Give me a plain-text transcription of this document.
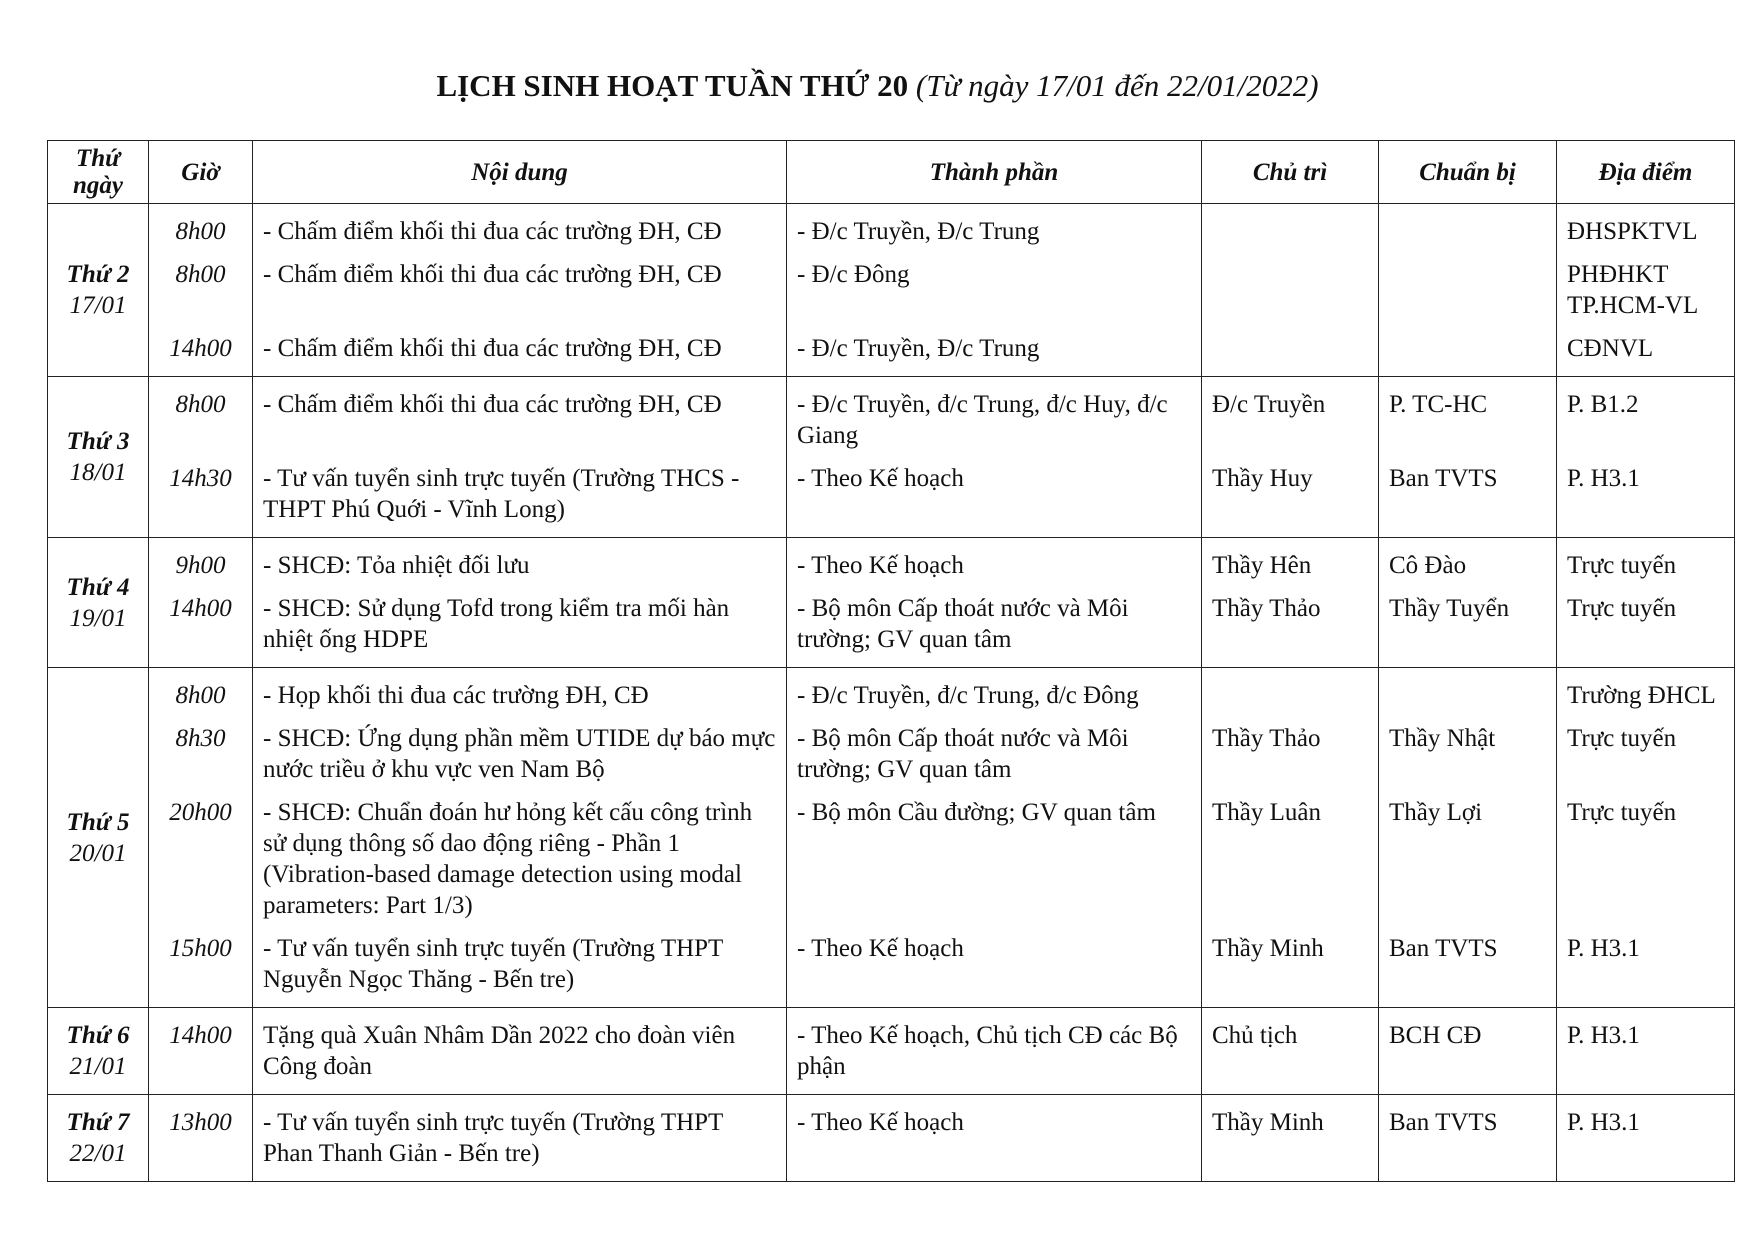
LỊCH SINH HOẠT TUẦN THỨ 20 (Từ ngày 17/01 đến 22/01/2022)
Thứ
ngày	Giờ	Nội dung	Thành phần	Chủ trì	Chuẩn bị	Địa điểm

Thứ 2
17/01	8h00	- Chấm điểm khối thi đua các trường ĐH, CĐ	- Đ/c Truyền, Đ/c Trung			ĐHSPKTVL

	8h00	- Chấm điểm khối thi đua các trường ĐH, CĐ	- Đ/c Đông			PHĐHKT TP.HCM-VL

	14h00	- Chấm điểm khối thi đua các trường ĐH, CĐ	- Đ/c Truyền, Đ/c Trung			CĐNVL

Thứ 3
18/01	8h00	- Chấm điểm khối thi đua các trường ĐH, CĐ	- Đ/c Truyền, đ/c Trung, đ/c Huy, đ/c Giang	Đ/c Truyền	P. TC-HC	P. B1.2

	14h30	- Tư vấn tuyển sinh trực tuyến (Trường THCS - THPT Phú Quới - Vĩnh Long)	- Theo Kế hoạch	Thầy Huy	Ban TVTS	P. H3.1

Thứ 4
19/01	9h00	- SHCĐ: Tỏa nhiệt đối lưu	- Theo Kế hoạch	Thầy Hên	Cô Đào	Trực tuyến

	14h00	- SHCĐ: Sử dụng Tofd trong kiểm tra mối hàn nhiệt ống HDPE	- Bộ môn Cấp thoát nước và Môi trường; GV quan tâm	Thầy Thảo	Thầy Tuyển	Trực tuyến

Thứ 5
20/01	8h00	- Họp khối thi đua các trường ĐH, CĐ	- Đ/c Truyền, đ/c Trung, đ/c Đông			Trường ĐHCL

	8h30	- SHCĐ: Ứng dụng phần mềm UTIDE dự báo mực nước triều ở khu vực ven Nam Bộ	- Bộ môn Cấp thoát nước và Môi trường; GV quan tâm	Thầy Thảo	Thầy Nhật	Trực tuyến

	20h00	- SHCĐ: Chuẩn đoán hư hỏng kết cấu công trình sử dụng thông số dao động riêng - Phần 1 (Vibration-based damage detection using modal parameters: Part 1/3)	- Bộ môn Cầu đường; GV quan tâm	Thầy Luân	Thầy Lợi	Trực tuyến

	15h00	- Tư vấn tuyển sinh trực tuyến (Trường THPT Nguyễn Ngọc Thăng - Bến tre)	- Theo Kế hoạch	Thầy Minh	Ban TVTS	P. H3.1

Thứ 6
21/01	14h00	Tặng quà Xuân Nhâm Dần 2022 cho đoàn viên Công đoàn	- Theo Kế hoạch, Chủ tịch CĐ các Bộ phận	Chủ tịch	BCH CĐ	P. H3.1

Thứ 7
22/01	13h00	- Tư vấn tuyển sinh trực tuyến (Trường THPT Phan Thanh Giản - Bến tre)	- Theo Kế hoạch	Thầy Minh	Ban TVTS	P. H3.1
